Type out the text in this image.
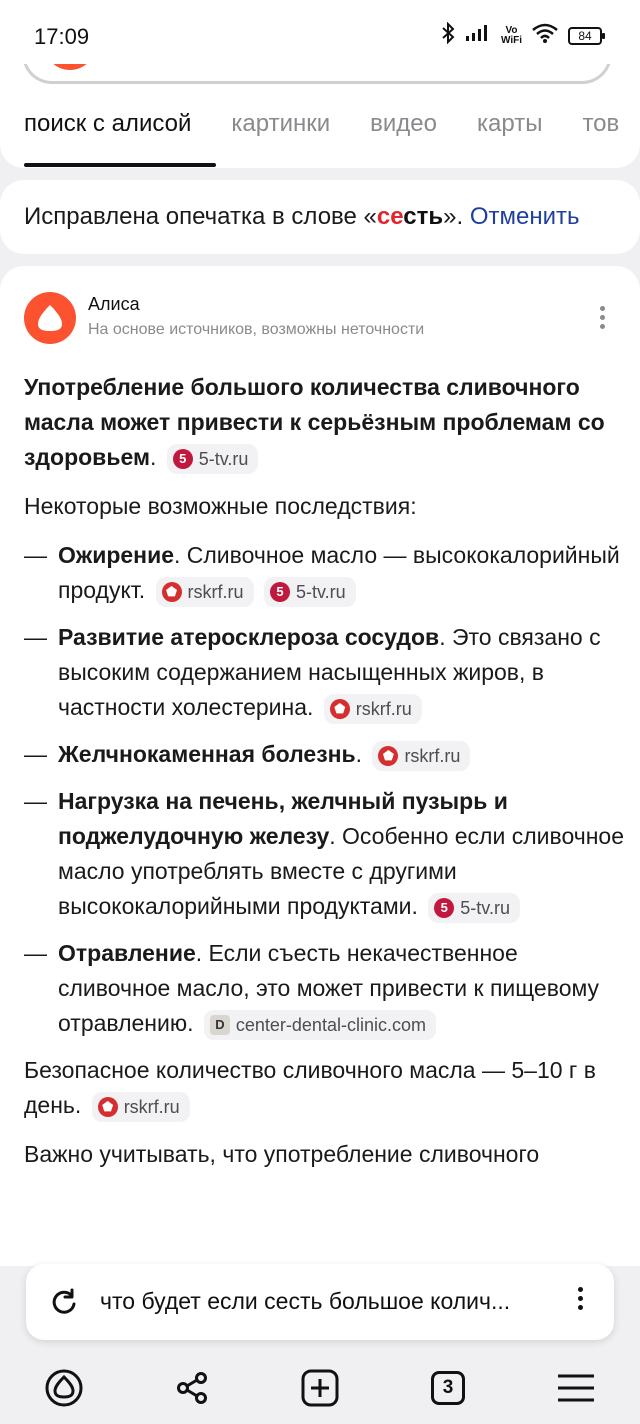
17:09	Vo
WiFi	84
поиск с алисой картинки видео карты тов
Исправлена опечатка в слове «сесть». Отменить
Алиса
На основе источников, возможны неточности

Употребление большого количества сливочного масла может привести к серьёзным проблемам со здоровьем.	5 5-tv.ru

Некоторые возможные последствия:

— Ожирение. Сливочное масло — высококалорийный продукт.	⬟ rskrf.ru
	5 5-tv.ru
— Развитие атеросклероза сосудов. Это связано с высоким содержанием насыщенных жиров, в частности холестерина.	⬟ rskrf.ru
— Желчнокаменная болезнь.	⬟ rskrf.ru
— Нагрузка на печень, желчный пузырь и поджелудочную железу. Особенно если сливочное масло употреблять вместе с другими высококалорийными продуктами.	5 5-tv.ru
— Отравление. Если съесть некачественное сливочное масло, это может привести к пищевому отравлению.	D center-dental-clinic.com

Безопасное количество сливочного масла — 5–10 г в день.	⬟ rskrf.ru

Важно учитывать, что употребление сливочного

что будет если сесть большое колич...
3
